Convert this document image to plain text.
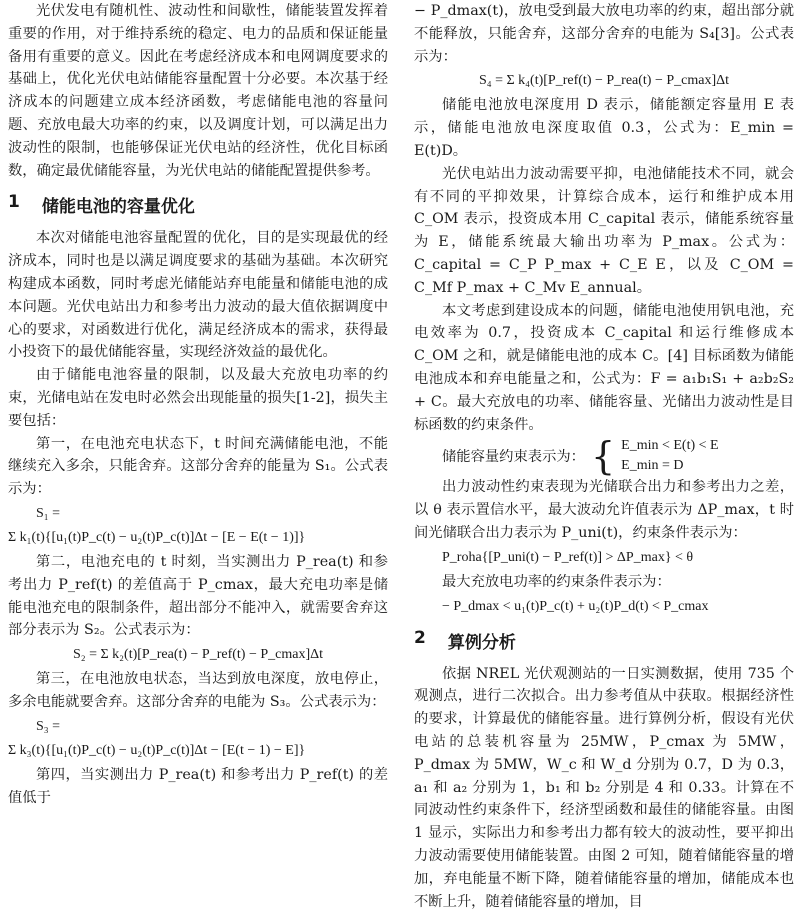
光伏发电有随机性、波动性和间歇性，储能装置发挥着重要的作用，对于维持系统的稳定、电力的品质和保证能量备用有重要的意义。因此在考虑经济成本和电网调度要求的基础上，优化光伏电站储能容量配置十分必要。本次基于经济成本的问题建立成本经济函数，考虑储能电池的容量问题、充放电最大功率的约束，以及调度计划，可以满足出力波动性的限制，也能够保证光伏电站的经济性，优化目标函数，确定最优储能容量，为光伏电站的储能配置提供参考。

1 储能电池的容量优化

本次对储能电池容量配置的优化，目的是实现最优的经济成本，同时也是以满足调度要求的基础为基础。本次研究构建成本函数，同时考虑光储能站弃电能量和储能电池的成本问题。光伏电站出力和参考出力波动的最大值依据调度中心的要求，对函数进行优化，满足经济成本的需求，获得最小投资下的最优储能容量，实现经济效益的最优化。

由于储能电池容量的限制，以及最大充放电功率的约束，光储电站在发电时必然会出现能量的损失[1-2]，损失主要包括：

第一，在电池充电状态下，t 时间充满储能电池，不能继续充入多余，只能舍弃。这部分舍弃的能量为 S₁。公式表示为：

S₁ =
Σ k₁(t){[u₁(t)P_c(t) − u₂(t)P_c(t)]Δt − [E − E(t − 1)]}

第二，电池充电的 t 时刻，当实测出力 P_rea(t) 和参考出力 P_ref(t) 的差值高于 P_cmax，最大充电功率是储能电池充电的限制条件，超出部分不能冲入，就需要舍弃这部分表示为 S₂。公式表示为：

S₂ = Σ k₂(t)[P_rea(t) − P_ref(t) − P_cmax]Δt

第三，在电池放电状态，当达到放电深度，放电停止，多余电能就要舍弃。这部分舍弃的电能为 S₃。公式表示为：

S₃ =
Σ k₃(t){[u₁(t)P_c(t) − u₂(t)P_c(t)]Δt − [E(t − 1) − E]}

第四，当实测出力 P_rea(t) 和参考出力 P_ref(t) 的差值低于

− P_dmax(t)，放电受到最大放电功率的约束，超出部分就不能释放，只能舍弃，这部分舍弃的电能为 S₄[3]。公式表示为：

S₄ = Σ k₄(t)[P_ref(t) − P_rea(t) − P_cmax]Δt

储能电池放电深度用 D 表示，储能额定容量用 E 表示，储能电池放电深度取值 0.3，公式为：E_min = E(t)D。

光伏电站出力波动需要平抑，电池储能技术不同，就会有不同的平抑效果，计算综合成本，运行和维护成本用 C_OM 表示，投资成本用 C_capital 表示，储能系统容量为 E，储能系统最大输出功率为 P_max。公式为：C_capital = C_P P_max + C_E E，以及 C_OM = C_Mf P_max + C_Mv E_annual。

本文考虑到建设成本的问题，储能电池使用钒电池，充电效率为 0.7，投资成本 C_capital 和运行维修成本 C_OM 之和，就是储能电池的成本 C。[4] 目标函数为储能电池成本和弃电能量之和，公式为：F = a₁b₁S₁ + a₂b₂S₂ + C。最大充放电的功率、储能容量、光储出力波动性是目标函数的约束条件。

储能容量约束表示为： { E_min < E(t) < E
E_min = D

出力波动性约束表现为光储联合出力和参考出力之差，以 θ 表示置信水平，最大波动允许值表示为 ΔP_max，t 时间光储联合出力表示为 P_uni(t)，约束条件表示为：

P_roha{[P_uni(t) − P_ref(t)] > ΔP_max} < θ

最大充放电功率的约束条件表示为：

− P_dmax < u₁(t)P_c(t) + u₂(t)P_d(t) < P_cmax
2 算例分析

依据 NREL 光伏观测站的一日实测数据，使用 735 个观测点，进行二次拟合。出力参考值从中获取。根据经济性的要求，计算最优的储能容量。进行算例分析，假设有光伏电站的总装机容量为 25MW，P_cmax 为 5MW，P_dmax 为 5MW，W_c 和 W_d 分别为 0.7，D 为 0.3，a₁ 和 a₂ 分别为 1，b₁ 和 b₂ 分别是 4 和 0.33。计算在不同波动性约束条件下，经济型函数和最佳的储能容量。由图 1 显示，实际出力和参考出力都有较大的波动性，要平抑出力波动需要使用储能装置。由图 2 可知，随着储能容量的增加，弃电能量不断下降，随着储能容量的增加，储能成本也不断上升，随着储能容量的增加，目
